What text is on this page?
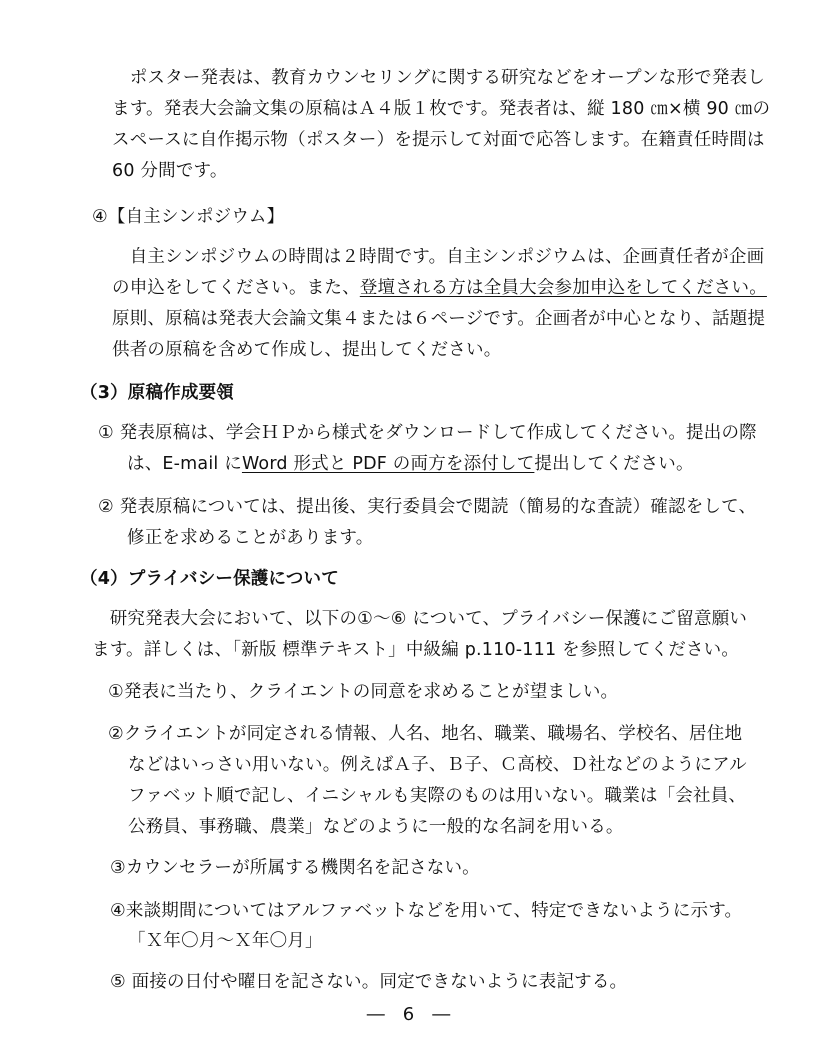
　ポスター発表は、教育カウンセリングに関する研究などをオープンな形で発表し
ます。発表大会論文集の原稿はＡ４版１枚です。発表者は、縦 180 ㎝×横 90 ㎝の
スペースに自作掲示物（ポスター）を提示して対面で応答します。在籍責任時間は
60 分間です。
④【自主シンポジウム】
　自主シンポジウムの時間は２時間です。自主シンポジウムは、企画責任者が企画
の申込をしてください。また、登壇される方は全員大会参加申込をしてください。
原則、原稿は発表大会論文集４または６ページです。企画者が中心となり、話題提
供者の原稿を含めて作成し、提出してください。
（3）原稿作成要領
① 発表原稿は、学会ＨＰから様式をダウンロードして作成してください。提出の際
は、E-mail にWord 形式と PDF の両方を添付して提出してください。
② 発表原稿については、提出後、実行委員会で閲読（簡易的な査読）確認をして、
修正を求めることがあります。
（4）プライバシー保護について
　研究発表大会において、以下の①～⑥ について、プライバシー保護にご留意願い
ます。詳しくは、「新版 標準テキスト」中級編 p.110-111 を参照してください。
①発表に当たり、クライエントの同意を求めることが望ましい。
②クライエントが同定される情報、人名、地名、職業、職場名、学校名、居住地
などはいっさい用いない。例えばＡ子、Ｂ子、Ｃ高校、Ｄ社などのようにアル
ファベット順で記し、イニシャルも実際のものは用いない。職業は「会社員、
公務員、事務職、農業」などのように一般的な名詞を用いる。
③カウンセラーが所属する機関名を記さない。
④来談期間についてはアルファベットなどを用いて、特定できないように示す。
「Ｘ年〇月～Ｘ年〇月」
⑤ 面接の日付や曜日を記さない。同定できないように表記する。
―　6　―
